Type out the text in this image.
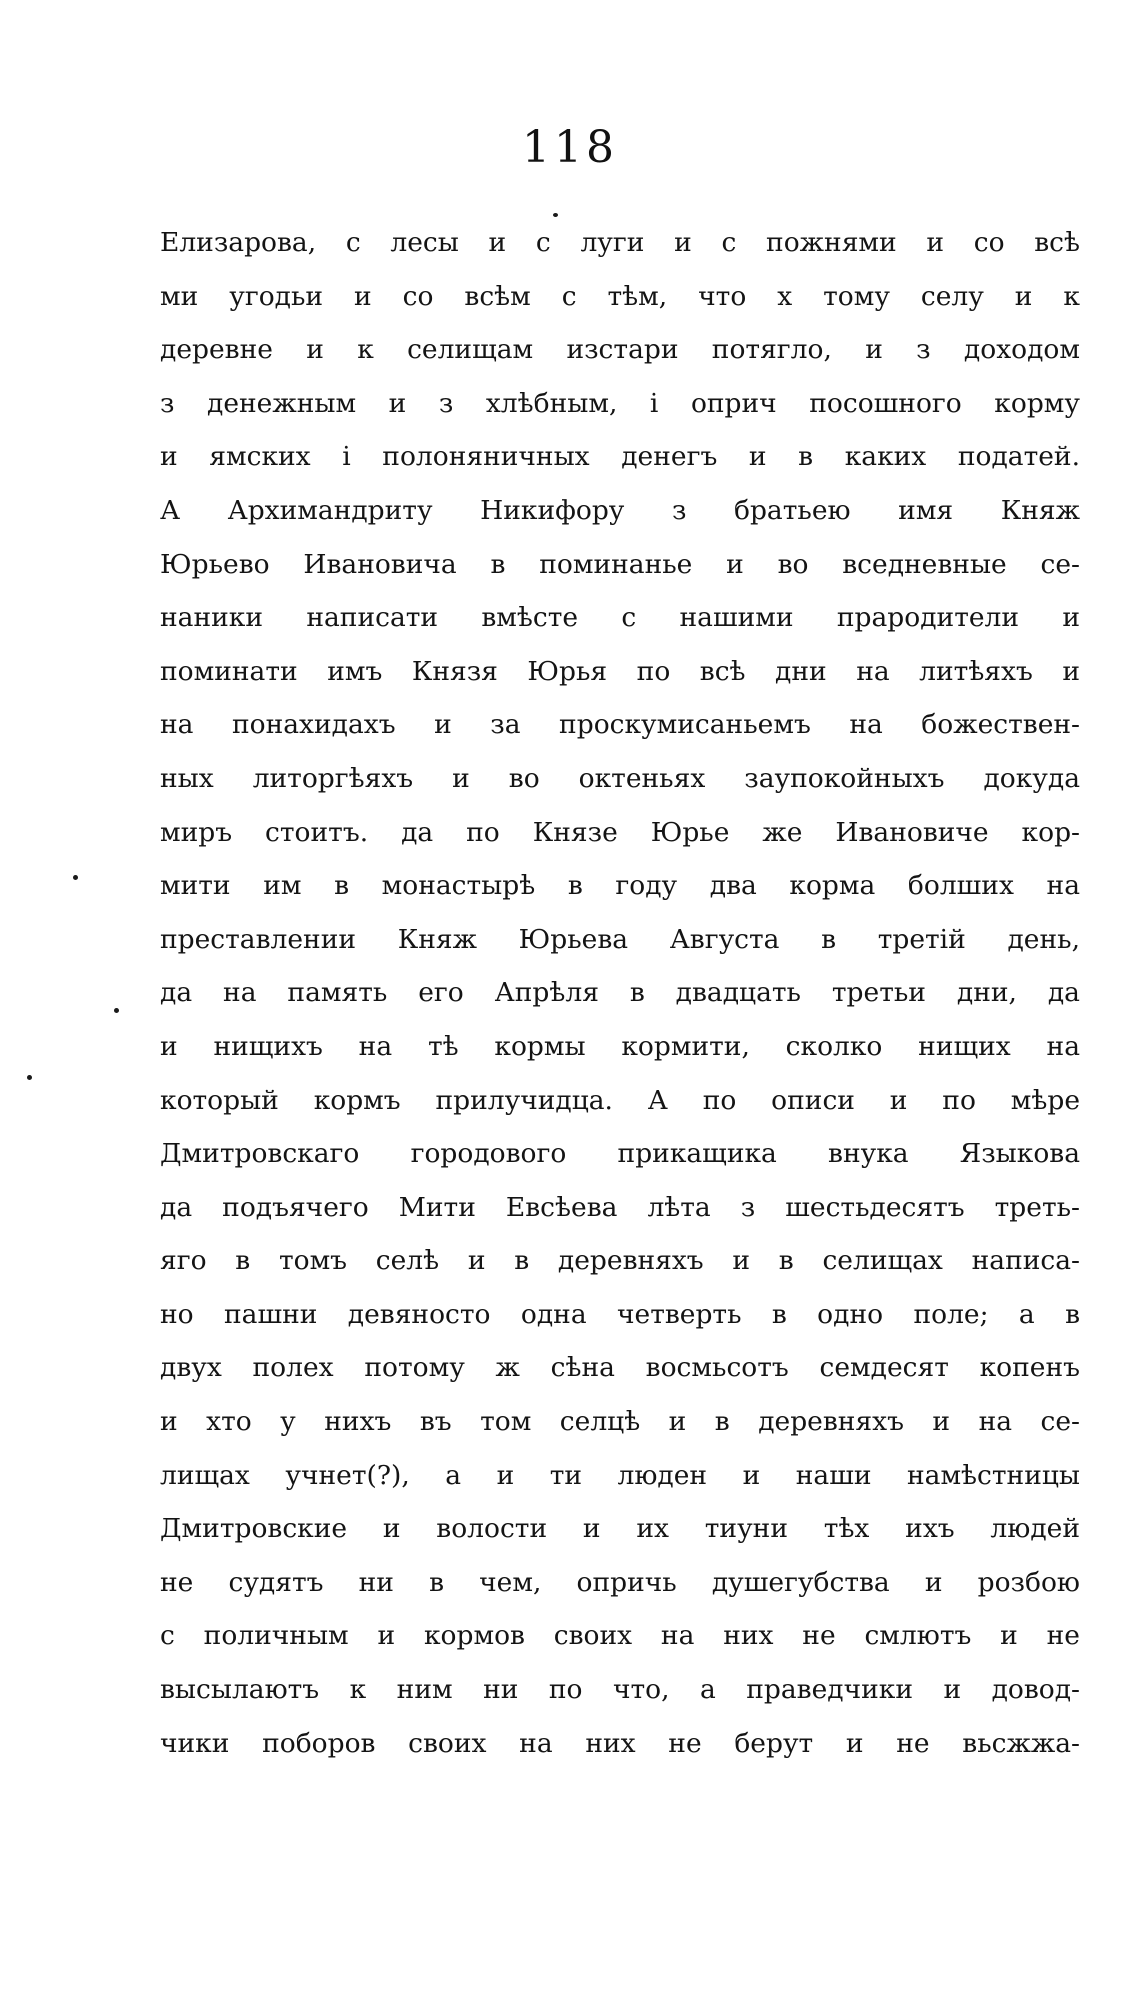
118
Елизарова, с лесы и с луги и с пожнями и со всѣ
ми угодьи и со всѣм с тѣм, что х тому селу и к
деревне и к селищам изстари потягло, и з доходом
з денежным и з хлѣбным, і оприч посошного корму
и ямских і полоняничных денегъ и в каких податей.
А Архимандриту Никифору з братьею имя Княж
Юрьево Ивановича в поминанье и во вседневные се-
наники написати вмѣсте с нашими прародители и
поминати имъ Князя Юрья по всѣ дни на литѣяхъ и
на понахидахъ и за проскумисаньемъ на божествен-
ных литоргѣяхъ и во октеньях заупокойныхъ докуда
миръ стоитъ. да по Князе Юрье же Ивановиче кор-
мити им в монастырѣ в году два корма болших на
преставлении Княж Юрьева Августа в третій день,
да на память его Апрѣля в двадцать третьи дни, да
и нищихъ на тѣ кормы кормити, сколко нищих на
который кормъ прилучидца. А по описи и по мѣре
Дмитровскаго городового прикащика внука Языкова
да подъячего Мити Евсѣева лѣта з шестьдесятъ треть-
яго в томъ селѣ и в деревняхъ и в селищах написа-
но пашни девяносто одна четверть в одно поле; а в
двух полех потому ж сѣна восмьсотъ семдесят копенъ
и хто у нихъ въ том селцѣ и в деревняхъ и на се-
лищах учнет(?), а и ти люден и наши намѣстницы
Дмитровские и волости и их тиуни тѣх ихъ людей
не судятъ ни в чем, опричь душегубства и розбою
с поличным и кормов своих на них не смлютъ и не
высылаютъ к ним ни по что, а праведчики и довод-
чики поборов своих на них не берут и не вьсжжа-
